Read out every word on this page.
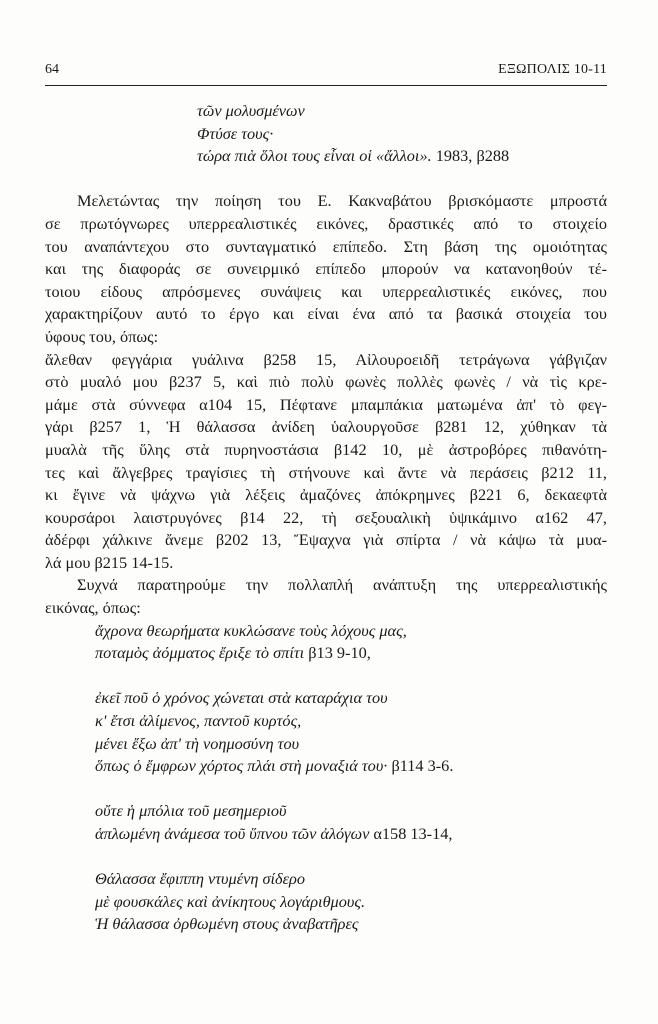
64	ΕΞΩΠΟΛΙΣ 10-11
τῶν μολυσμένων
Φτύσε τους·
τώρα πιὰ ὅλοι τους εἶναι οἱ «ἄλλοι». 1983, β288
Μελετώντας την ποίηση του Ε. Κακναβάτου βρισκόμαστε μπροστά
σε πρωτόγνωρες υπερρεαλιστικές εικόνες, δραστικές από το στοιχείο
του αναπάντεχου στο συνταγματικό επίπεδο. Στη βάση της ομοιότητας
και της διαφοράς σε συνειρμικό επίπεδο μπορούν να κατανοηθούν τέ-
τοιου είδους απρόσμενες συνάψεις και υπερρεαλιστικές εικόνες, που
χαρακτηρίζουν αυτό το έργο και είναι ένα από τα βασικά στοιχεία του
ύφους του, όπως:
ἄλεθαν φεγγάρια γυάλινα β258 15, Αἰλουροειδῆ τετράγωνα γάβγιζαν
στὸ μυαλό μου β237 5, καὶ πιὸ πολὺ φωνὲς πολλὲς φωνὲς / νὰ τὶς κρε-
μάμε στὰ σύννεφα α104 15, Πέφτανε μπαμπάκια ματωμένα ἀπ' τὸ φεγ-
γάρι β257 1, Ἡ θάλασσα ἀνίδεη ὑαλουργοῦσε β281 12, χύθηκαν τὰ
μυαλὰ τῆς ὕλης στὰ πυρηνοστάσια β142 10, μὲ ἀστροβόρες πιθανότη-
τες καὶ ἄλγεβρες τραγίσιες τὴ στήνουνε καὶ ἄντε νὰ περάσεις β212 11,
κι ἔγινε νὰ ψάχνω γιὰ λέξεις ἀμαζόνες ἀπόκρημνες β221 6, δεκαεφτὰ
κουρσάροι λαιστρυγόνες β14 22, τὴ σεξουαλικὴ ὑψικάμινο α162 47,
ἀδέρφι χάλκινε ἄνεμε β202 13, Ἔψαχνα γιὰ σπίρτα / νὰ κάψω τὰ μυα-
λά μου β215 14-15.
Συχνά παρατηρούμε την πολλαπλή ανάπτυξη της υπερρεαλιστικής
εικόνας, όπως:
ἄχρονα θεωρήματα κυκλώσανε τοὺς λόχους μας,
ποταμὸς ἀόμματος ἔριξε τὸ σπίτι β13 9-10,
ἐκεῖ ποῦ ὁ χρόνος χώνεται στὰ καταράχια του
κ' ἔτσι ἀλίμενος, παντοῦ κυρτός,
μένει ἔξω ἀπ' τὴ νοημοσύνη του
ὅπως ὁ ἔμφρων χόρτος πλάι στὴ μοναξιά του· β114 3-6.
οὔτε ἡ μπόλια τοῦ μεσημεριοῦ
ἁπλωμένη ἀνάμεσα τοῦ ὕπνου τῶν ἀλόγων α158 13-14,
Θάλασσα ἔφιππη ντυμένη σίδερο
μὲ φουσκάλες καὶ ἀνίκητους λογάριθμους.
Ἡ θάλασσα ὀρθωμένη στους ἀναβατῆρες
